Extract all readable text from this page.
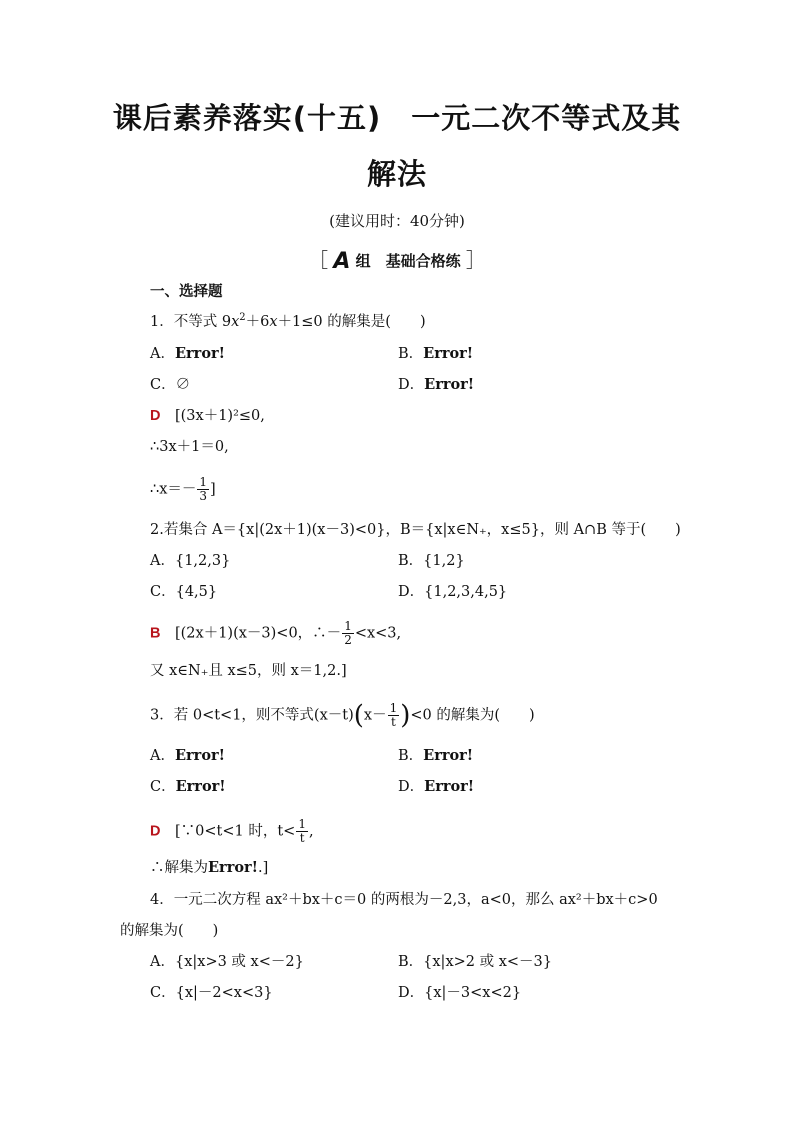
课后素养落实(十五)　一元二次不等式及其
解法
(建议用时：40分钟)
［ A 组　基础合格练 ］
一、选择题
1．不等式 $9x^2+6x+1\le 0$ 的解集是(　　)
A．Error!	B．Error!
C．∅	D．Error!
D　 [(3x＋1)²≤0,
∴3x＋1＝0,
∴x＝－ $\frac{1}{3}$ ]
2.若集合 A＝{x|(2x＋1)(x－3)<0}，B＝{x|x∈N₊，x≤5}，则 A∩B 等于(　　)
A．{1,2,3}	B．{1,2}
C．{4,5}	D．{1,2,3,4,5}
B　 [(2x＋1)(x－3)<0，∴－ $\frac{1}{2} <x<3$,
又 x∈N₊且 x≤5，则 x＝1,2.]
3．若 0<t<1，则不等式$(x-t)(x- \frac{1}{t} )<0$ 的解集为(　　)
A．Error!	B．Error!
C．Error!	D．Error!
D　 [∵0<t<1 时，$t< \frac{1}{t}$ ,
∴解集为Error!.]
4．一元二次方程 ax²＋bx＋c＝0 的两根为－2,3，a<0，那么 ax²＋bx＋c>0
的解集为(　　)
A．{x|x>3 或 x<－2}	B．{x|x>2 或 x<－3}
C．{x|－2<x<3}	D．{x|－3<x<2}
